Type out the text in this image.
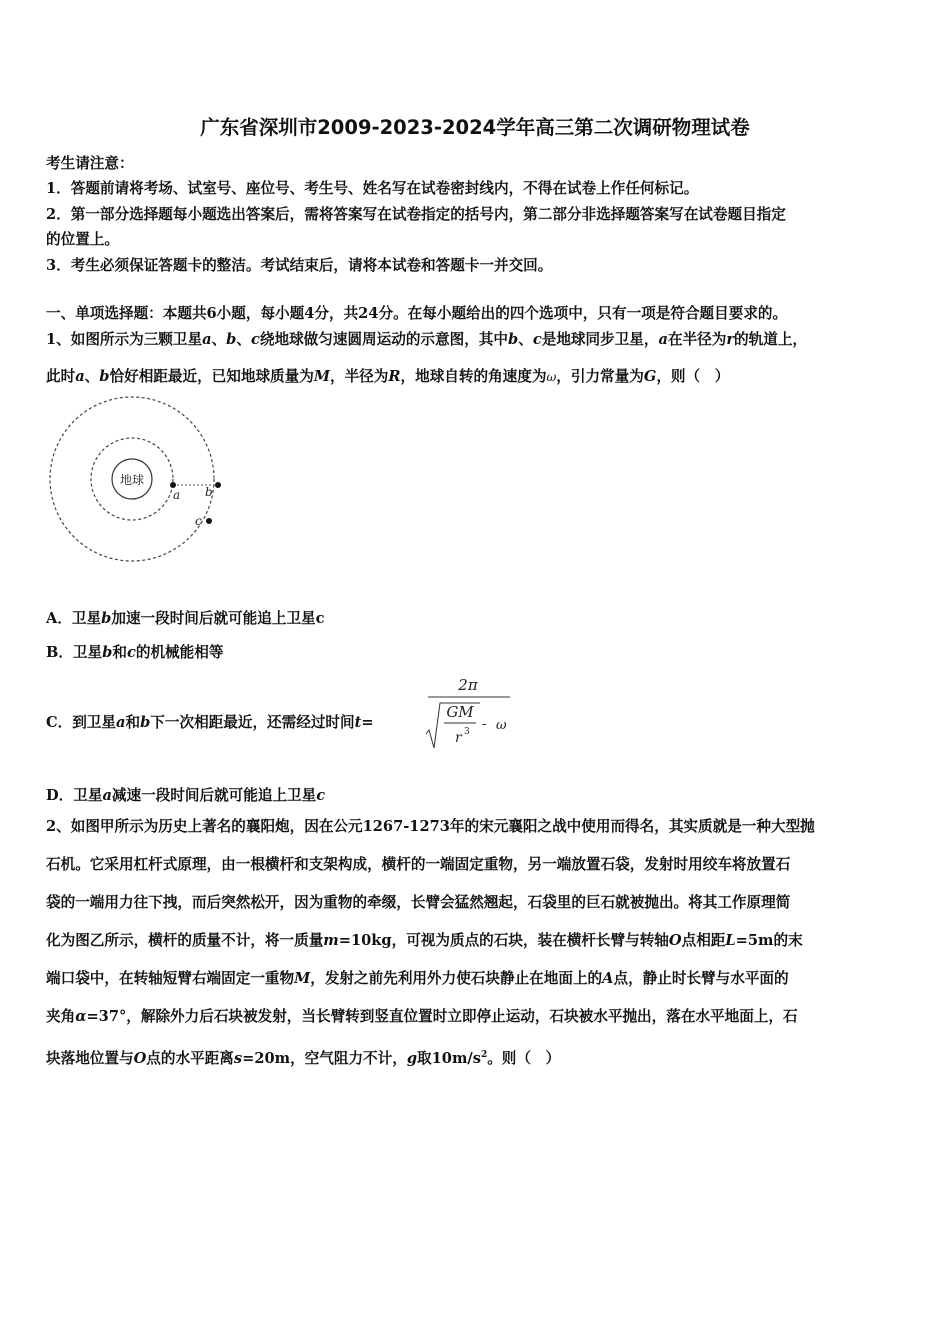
广东省深圳市2009-2023-2024学年高三第二次调研物理试卷
考生请注意：
1．答题前请将考场、试室号、座位号、考生号、姓名写在试卷密封线内，不得在试卷上作任何标记。
2．第一部分选择题每小题选出答案后，需将答案写在试卷指定的括号内，第二部分非选择题答案写在试卷题目指定
的位置上。
3．考生必须保证答题卡的整洁。考试结束后，请将本试卷和答题卡一并交回。
一、单项选择题：本题共6小题，每小题4分，共24分。在每小题给出的四个选项中，只有一项是符合题目要求的。
1、如图所示为三颗卫星a、b、c绕地球做匀速圆周运动的示意图，其中b、c是地球同步卫星，a在半径为r的轨道上，
此时a、b恰好相距最近，已知地球质量为M，半径为R，地球自转的角速度为ω，引力常量为G，则（　）
地球
a b
c
A．卫星b加速一段时间后就可能追上卫星c
B．卫星b和c的机械能相等
C．到卫星a和b下一次相距最近，还需经过时间t=
2π
GM
r 3 - ω
D．卫星a减速一段时间后就可能追上卫星c
2、如图甲所示为历史上著名的襄阳炮，因在公元1267-1273年的宋元襄阳之战中使用而得名，其实质就是一种大型抛
石机。它采用杠杆式原理，由一根横杆和支架构成，横杆的一端固定重物，另一端放置石袋，发射时用绞车将放置石
袋的一端用力往下拽，而后突然松开，因为重物的牵缀，长臂会猛然翘起，石袋里的巨石就被抛出。将其工作原理简
化为图乙所示，横杆的质量不计，将一质量m=10kg，可视为质点的石块，装在横杆长臂与转轴O点相距L=5m的末
端口袋中，在转轴短臂右端固定一重物M，发射之前先利用外力使石块静止在地面上的A点，静止时长臂与水平面的
夹角α=37°，解除外力后石块被发射，当长臂转到竖直位置时立即停止运动，石块被水平抛出，落在水平地面上，石
块落地位置与O点的水平距离s=20m，空气阻力不计，g取$10m/s^2$。则（　）
